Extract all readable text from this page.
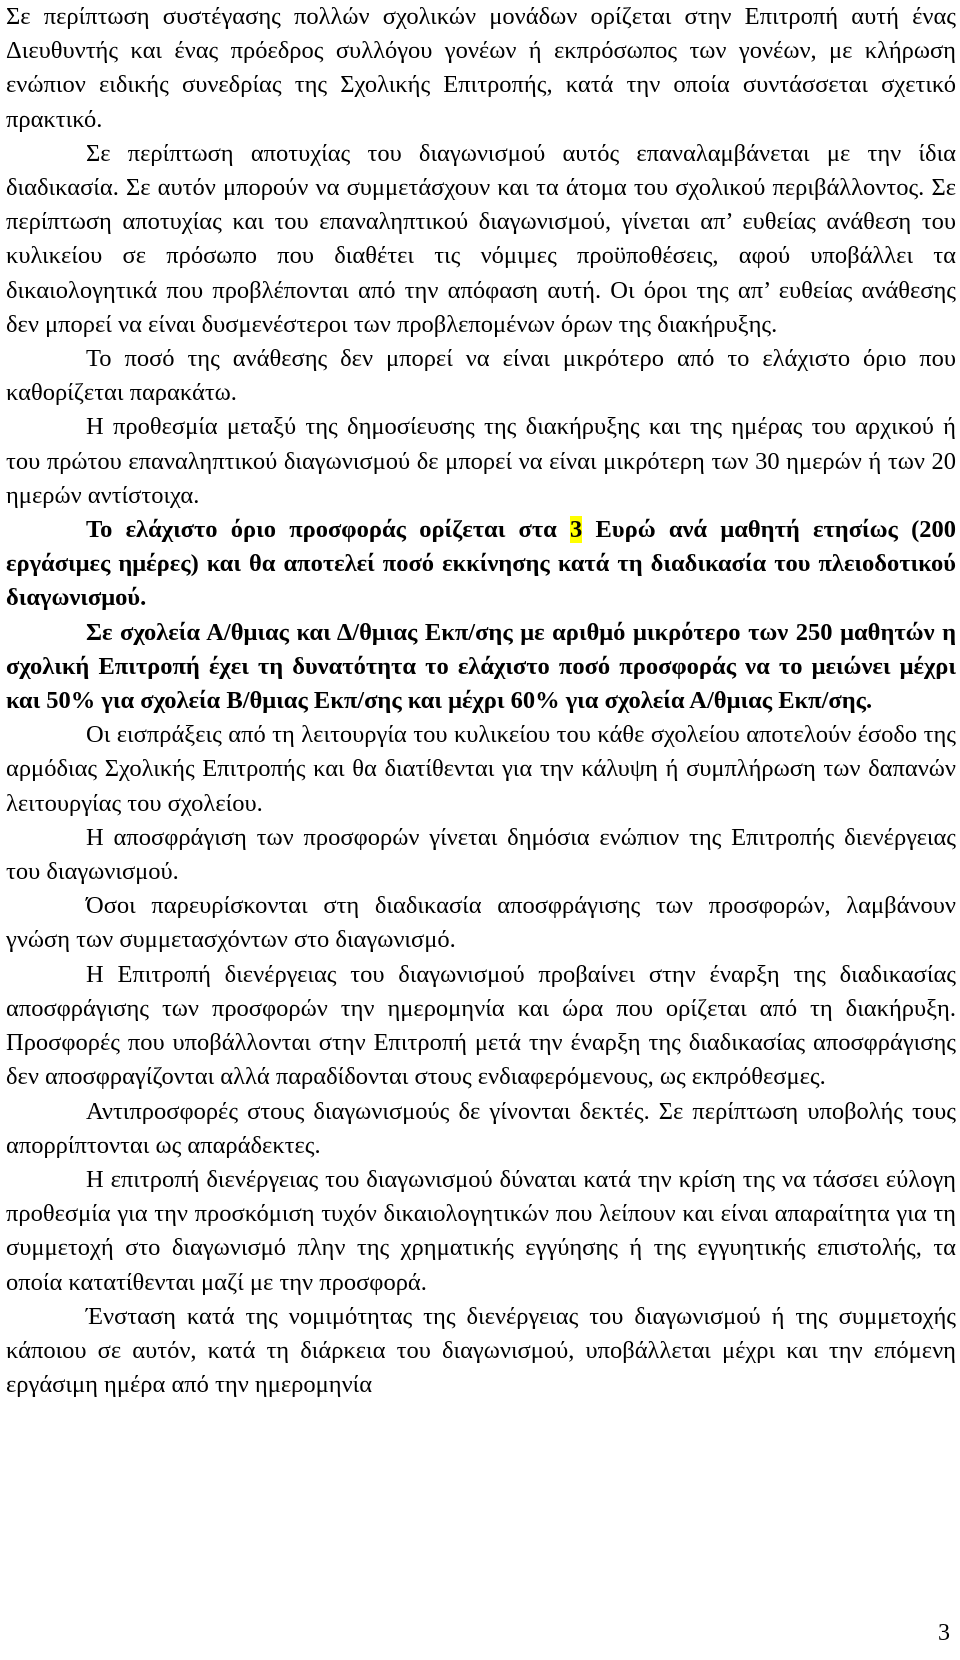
Σε περίπτωση συστέγασης πολλών σχολικών μονάδων ορίζεται στην Επιτροπή αυτή ένας Διευθυντής και ένας πρόεδρος συλλόγου γονέων ή εκπρόσωπος των γονέων, με κλήρωση ενώπιον ειδικής συνεδρίας της Σχολικής Επιτροπής, κατά την οποία συντάσσεται σχετικό πρακτικό.

Σε περίπτωση αποτυχίας του διαγωνισμού αυτός επαναλαμβάνεται με την ίδια διαδικασία. Σε αυτόν μπορούν να συμμετάσχουν και τα άτομα του σχολικού περιβάλλοντος. Σε περίπτωση αποτυχίας και του επαναληπτικού διαγωνισμού, γίνεται απ’ ευθείας ανάθεση του κυλικείου σε πρόσωπο που διαθέτει τις νόμιμες προϋποθέσεις, αφού υποβάλλει τα δικαιολογητικά που προβλέπονται από την απόφαση αυτή. Οι όροι της απ’ ευθείας ανάθεσης δεν μπορεί να είναι δυσμενέστεροι των προβλεπομένων όρων της διακήρυξης.

Το ποσό της ανάθεσης δεν μπορεί να είναι μικρότερο από το ελάχιστο όριο που καθορίζεται παρακάτω.

Η προθεσμία μεταξύ της δημοσίευσης της διακήρυξης και της ημέρας του αρχικού ή του πρώτου επαναληπτικού διαγωνισμού δε μπορεί να είναι μικρότερη των 30 ημερών ή των 20 ημερών αντίστοιχα.

Το ελάχιστο όριο προσφοράς ορίζεται στα 3 Ευρώ ανά μαθητή ετησίως (200 εργάσιμες ημέρες) και θα αποτελεί ποσό εκκίνησης κατά τη διαδικασία του πλειοδοτικού διαγωνισμού.

Σε σχολεία Α/θμιας και Δ/θμιας Εκπ/σης με αριθμό μικρότερο των 250 μαθητών η σχολική Επιτροπή έχει τη δυνατότητα το ελάχιστο ποσό προσφοράς να το μειώνει μέχρι και 50% για σχολεία Β/θμιας Εκπ/σης και μέχρι 60% για σχολεία Α/θμιας Εκπ/σης.

Οι εισπράξεις από τη λειτουργία του κυλικείου του κάθε σχολείου αποτελούν έσοδο της αρμόδιας Σχολικής Επιτροπής και θα διατίθενται για την κάλυψη ή συμπλήρωση των δαπανών λειτουργίας του σχολείου.

Η αποσφράγιση των προσφορών γίνεται δημόσια ενώπιον της Επιτροπής διενέργειας του διαγωνισμού.

Όσοι παρευρίσκονται στη διαδικασία αποσφράγισης των προσφορών, λαμβάνουν γνώση των συμμετασχόντων στο διαγωνισμό.

Η Επιτροπή διενέργειας του διαγωνισμού προβαίνει στην έναρξη της διαδικασίας αποσφράγισης των προσφορών την ημερομηνία και ώρα που ορίζεται από τη διακήρυξη. Προσφορές που υποβάλλονται στην Επιτροπή μετά την έναρξη της διαδικασίας αποσφράγισης δεν αποσφραγίζονται αλλά παραδίδονται στους ενδιαφερόμενους, ως εκπρόθεσμες.

Αντιπροσφορές στους διαγωνισμούς δε γίνονται δεκτές. Σε περίπτωση υποβολής τους απορρίπτονται ως απαράδεκτες.

Η επιτροπή διενέργειας του διαγωνισμού δύναται κατά την κρίση της να τάσσει εύλογη προθεσμία για την προσκόμιση τυχόν δικαιολογητικών που λείπουν και είναι απαραίτητα για τη συμμετοχή στο διαγωνισμό πλην της χρηματικής εγγύησης ή της εγγυητικής επιστολής, τα οποία κατατίθενται μαζί με την προσφορά.

Ένσταση κατά της νομιμότητας της διενέργειας του διαγωνισμού ή της συμμετοχής κάποιου σε αυτόν, κατά τη διάρκεια του διαγωνισμού, υποβάλλεται μέχρι και την επόμενη εργάσιμη ημέρα από την ημερομηνία

3
